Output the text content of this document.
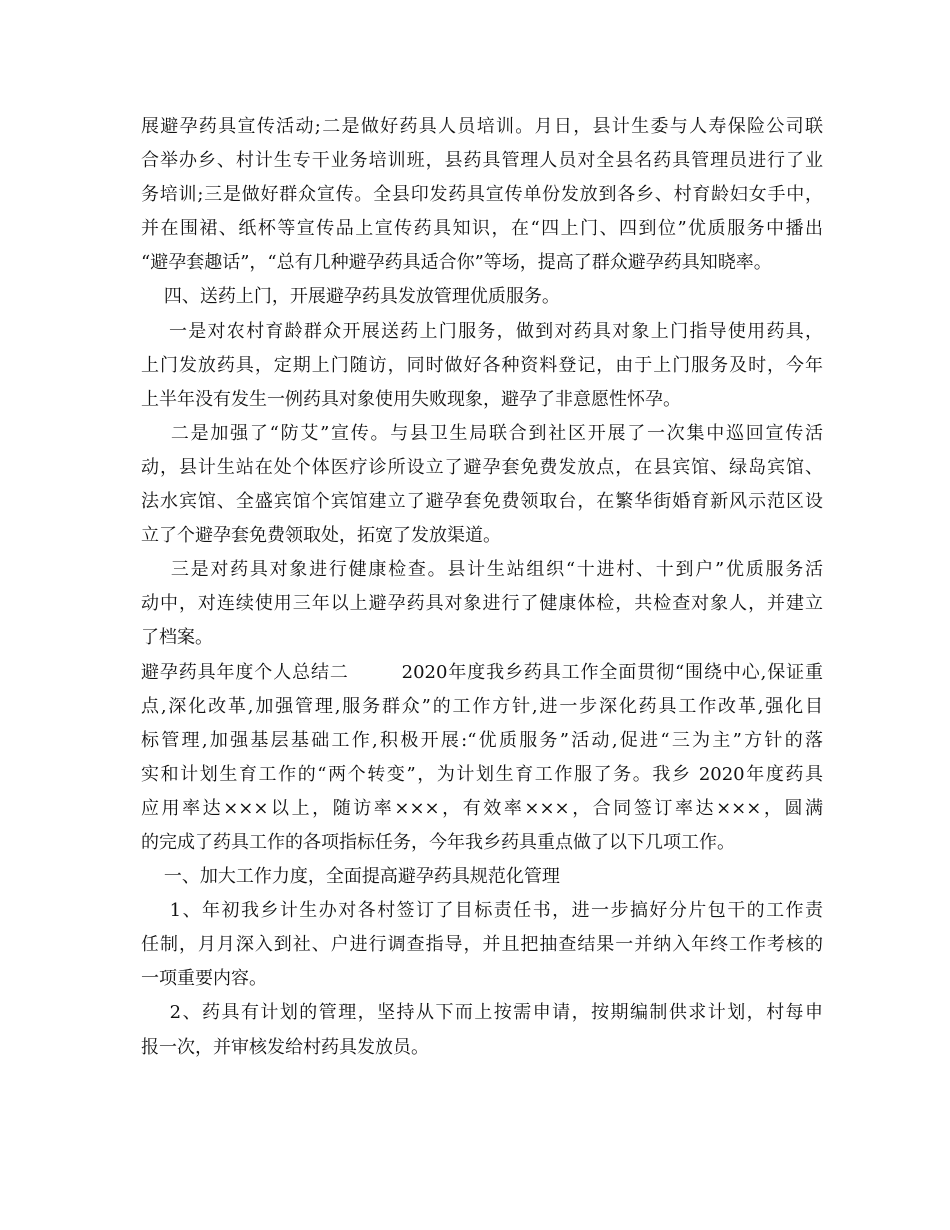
展避孕药具宣传活动;二是做好药具人员培训。月日，县计生委与人寿保险公司联
合举办乡、村计生专干业务培训班，县药具管理人员对全县名药具管理员进行了业
务培训;三是做好群众宣传。全县印发药具宣传单份发放到各乡、村育龄妇女手中，
并在围裙、纸杯等宣传品上宣传药具知识，在“四上门、四到位”优质服务中播出
“避孕套趣话”，“总有几种避孕药具适合你”等场，提高了群众避孕药具知晓率。
四、送药上门，开展避孕药具发放管理优质服务。
一是对农村育龄群众开展送药上门服务，做到对药具对象上门指导使用药具，
上门发放药具，定期上门随访，同时做好各种资料登记，由于上门服务及时，今年
上半年没有发生一例药具对象使用失败现象，避孕了非意愿性怀孕。
二是加强了“防艾”宣传。与县卫生局联合到社区开展了一次集中巡回宣传活
动，县计生站在处个体医疗诊所设立了避孕套免费发放点，在县宾馆、绿岛宾馆、
法水宾馆、全盛宾馆个宾馆建立了避孕套免费领取台，在繁华街婚育新风示范区设
立了个避孕套免费领取处，拓宽了发放渠道。
三是对药具对象进行健康检查。县计生站组织“十进村、十到户”优质服务活
动中，对连续使用三年以上避孕药具对象进行了健康体检，共检查对象人，并建立
了档案。
避孕药具年度个人总结二        2020年度我乡药具工作全面贯彻“围绕中心,保证重
点,深化改革,加强管理,服务群众”的工作方针,进一步深化药具工作改革,强化目
标管理,加强基层基础工作,积极开展:“优质服务”活动,促进“三为主”方针的落
实和计划生育工作的“两个转变”，为计划生育工作服了务。我乡 2020年度药具
应用率达×××以上，随访率×××，有效率×××，合同签订率达×××，圆满
的完成了药具工作的各项指标任务，今年我乡药具重点做了以下几项工作。
一、加大工作力度，全面提高避孕药具规范化管理
1、年初我乡计生办对各村签订了目标责任书，进一步搞好分片包干的工作责
任制，月月深入到社、户进行调查指导，并且把抽查结果一并纳入年终工作考核的
一项重要内容。
2、药具有计划的管理，坚持从下而上按需申请，按期编制供求计划，村每申
报一次，并审核发给村药具发放员。
